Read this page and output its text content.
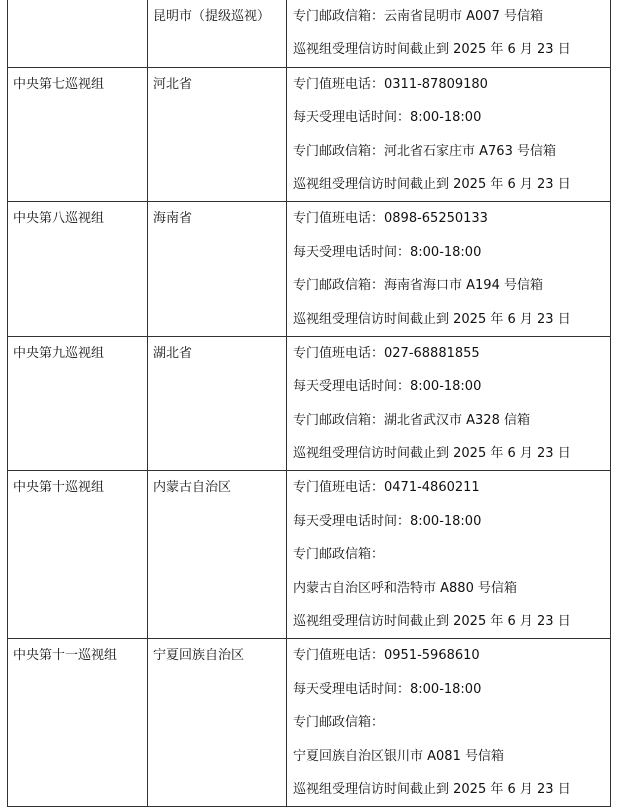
	昆明市（提级巡视）	专门邮政信箱：云南省昆明市 A007 号信箱
巡视组受理信访时间截止到 2025 年 6 月 23 日

中央第七巡视组	河北省	专门值班电话：0311-87809180
每天受理电话时间：8:00-18:00
专门邮政信箱：河北省石家庄市 A763 号信箱
巡视组受理信访时间截止到 2025 年 6 月 23 日

中央第八巡视组	海南省	专门值班电话：0898-65250133
每天受理电话时间：8:00-18:00
专门邮政信箱：海南省海口市 A194 号信箱
巡视组受理信访时间截止到 2025 年 6 月 23 日

中央第九巡视组	湖北省	专门值班电话：027-68881855
每天受理电话时间：8:00-18:00
专门邮政信箱：湖北省武汉市 A328 信箱
巡视组受理信访时间截止到 2025 年 6 月 23 日

中央第十巡视组	内蒙古自治区	专门值班电话：0471-4860211
每天受理电话时间：8:00-18:00
专门邮政信箱：
内蒙古自治区呼和浩特市 A880 号信箱
巡视组受理信访时间截止到 2025 年 6 月 23 日

中央第十一巡视组	宁夏回族自治区	专门值班电话：0951-5968610
每天受理电话时间：8:00-18:00
专门邮政信箱：
宁夏回族自治区银川市 A081 号信箱
巡视组受理信访时间截止到 2025 年 6 月 23 日
